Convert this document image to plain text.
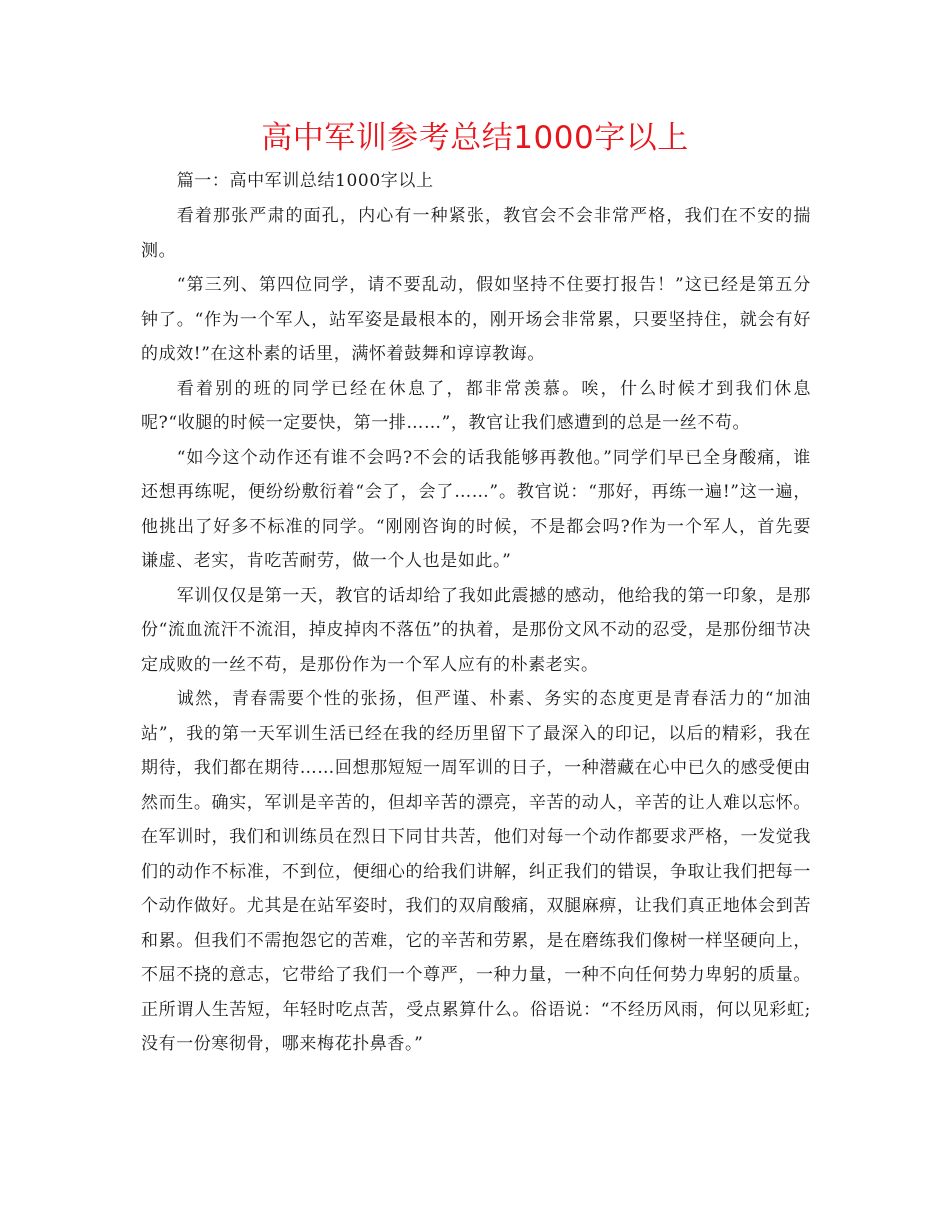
高中军训参考总结1000字以上

篇一：高中军训总结1000字以上

看着那张严肃的面孔，内心有一种紧张，教官会不会非常严格，我们在不安的揣测。

“第三列、第四位同学，请不要乱动，假如坚持不住要打报告！”这已经是第五分钟了。“作为一个军人，站军姿是最根本的，刚开场会非常累，只要坚持住，就会有好的成效!”在这朴素的话里，满怀着鼓舞和谆谆教诲。

看着别的班的同学已经在休息了，都非常羡慕。唉，什么时候才到我们休息呢?“收腿的时候一定要快，第一排……”，教官让我们感遭到的总是一丝不苟。

“如今这个动作还有谁不会吗?不会的话我能够再教他。”同学们早已全身酸痛，谁还想再练呢，便纷纷敷衍着“会了，会了……”。教官说：“那好，再练一遍!”这一遍，他挑出了好多不标准的同学。“刚刚咨询的时候，不是都会吗?作为一个军人，首先要谦虚、老实，肯吃苦耐劳，做一个人也是如此。”

军训仅仅是第一天，教官的话却给了我如此震撼的感动，他给我的第一印象，是那份“流血流汗不流泪，掉皮掉肉不落伍”的执着，是那份文风不动的忍受，是那份细节决定成败的一丝不苟，是那份作为一个军人应有的朴素老实。

诚然，青春需要个性的张扬，但严谨、朴素、务实的态度更是青春活力的“加油站”，我的第一天军训生活已经在我的经历里留下了最深入的印记，以后的精彩，我在期待，我们都在期待……回想那短短一周军训的日子，一种潜藏在心中已久的感受便由然而生。确实，军训是辛苦的，但却辛苦的漂亮，辛苦的动人，辛苦的让人难以忘怀。在军训时，我们和训练员在烈日下同甘共苦，他们对每一个动作都要求严格，一发觉我们的动作不标准，不到位，便细心的给我们讲解，纠正我们的错误，争取让我们把每一个动作做好。尤其是在站军姿时，我们的双肩酸痛，双腿麻痹，让我们真正地体会到苦和累。但我们不需抱怨它的苦难，它的辛苦和劳累，是在磨练我们像树一样坚硬向上，不屈不挠的意志，它带给了我们一个尊严，一种力量，一种不向任何势力卑躬的质量。正所谓人生苦短，年轻时吃点苦，受点累算什么。俗语说：“不经历风雨，何以见彩虹;没有一份寒彻骨，哪来梅花扑鼻香。”
